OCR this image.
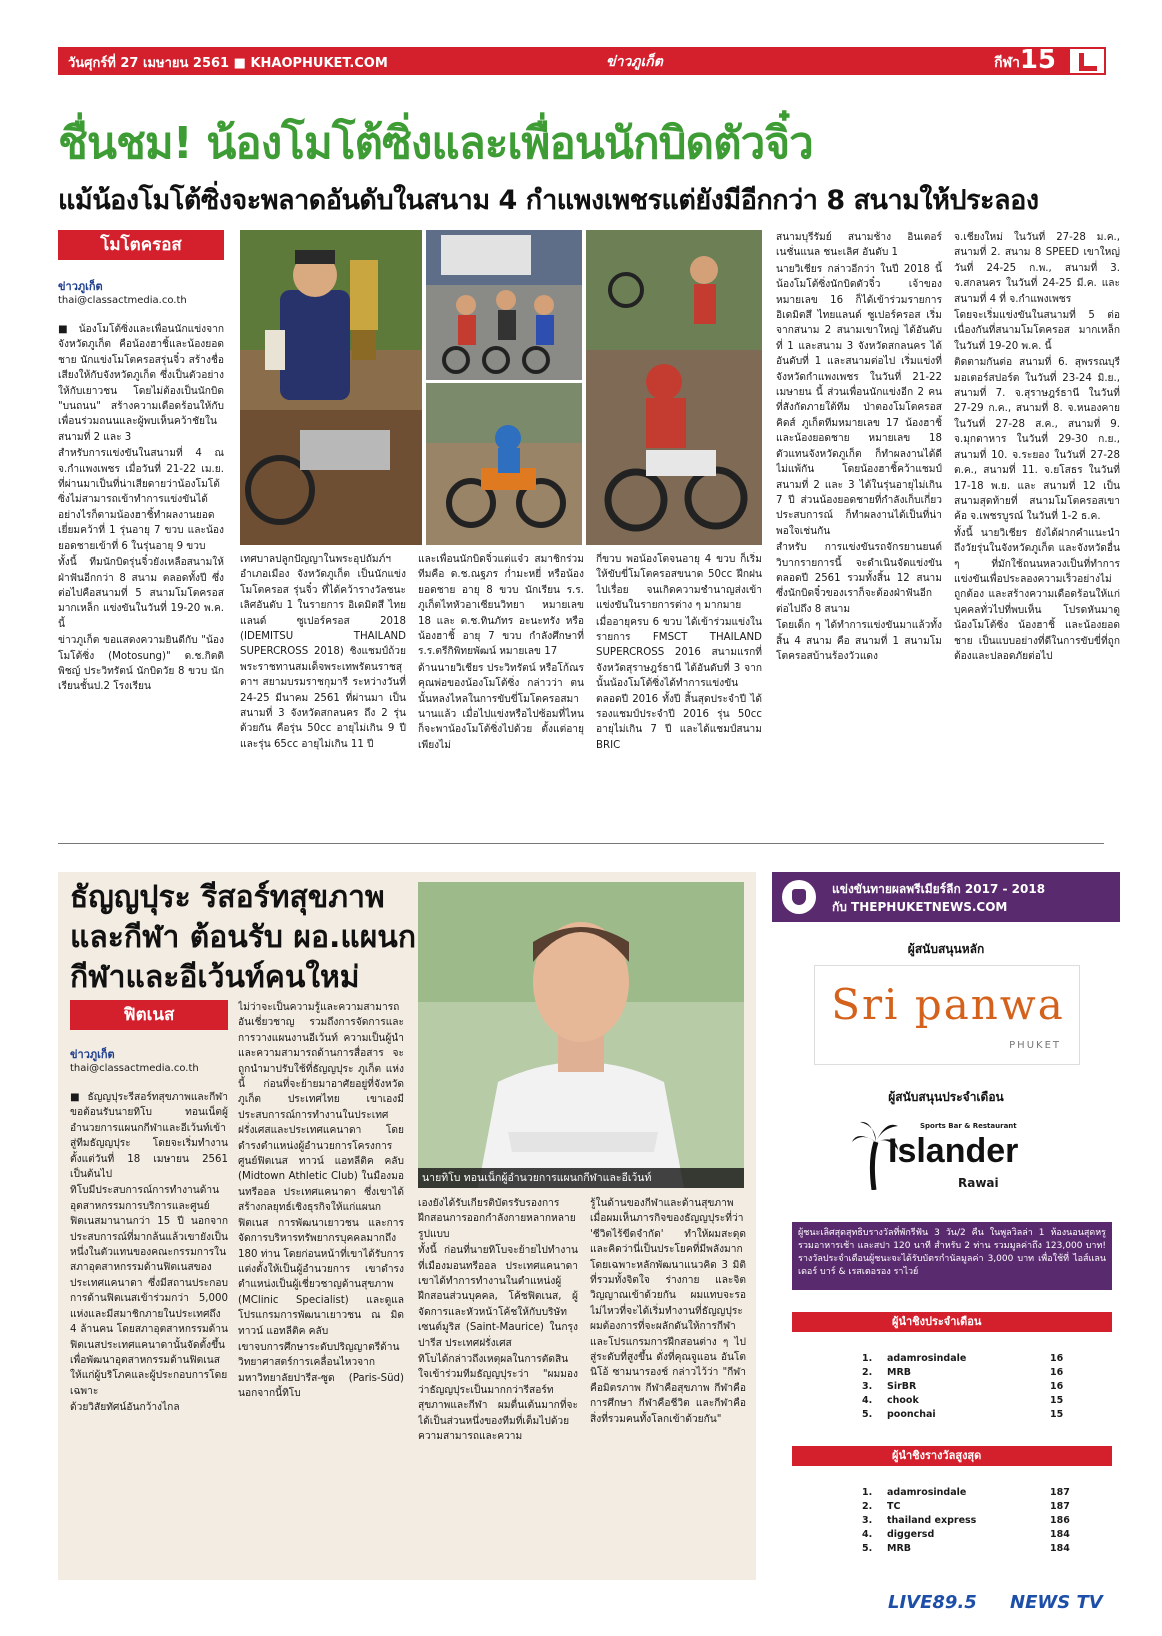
วันศุกร์ที่ 27 เมษายน 2561 ■ KHAOPHUKET.COM	ข่าวภูเก็ต	กีฬา 15
ชื่นชม! น้องโมโต้ซิ่งและเพื่อนนักบิดตัวจิ๋ว
แม้น้องโมโต้ซิ่งจะพลาดอันดับในสนาม 4 กำแพงเพชรแต่ยังมีอีกกว่า 8 สนามให้ประลอง
โมโตครอส
ข่าวภูเก็ต
thai@classactmedia.co.th

■ น้องโมโต้ซิ่งและเพื่อนนักแข่งจากจังหวัดภูเก็ต คือน้องฮาชิ้และน้องยอดชาย นักแข่งโมโตครอสรุ่นจิ๋ว สร้างชื่อเสียงให้กับจังหวัดภูเก็ต ซึ่งเป็นตัวอย่างให้กับเยาวชน โดยไม่ต้องเป็นนักบิด "บนถนน" สร้างความเดือดร้อนให้กับเพื่อนร่วมถนนและผู้พบเห็นคว้าชัยในสนามที่ 2 และ 3

สำหรับการแข่งขันในสนามที่ 4 ณ จ.กำแพงเพชร เมื่อวันที่ 21-22 เม.ย. ที่ผ่านมาเป็นที่น่าเสียดายว่าน้องโมโต้ซิ่งไม่สามารถเข้าทำการแข่งขันได้อย่างไรก็ตามน้องฮาชิ้ทำผลงานยอดเยี่ยมคว้าที่ 1 รุ่นอายุ 7 ขวบ และน้องยอดชายเข้าที่ 6 ในรุ่นอายุ 9 ขวบ

ทั้งนี้ ทีมนักบิดรุ่นจิ๋วยังเหลือสนามให้ฝ่าฟันอีกกว่า 8 สนาม ตลอดทั้งปี ซึ่งต่อไปคือสนามที่ 5 สนามโมโตครอส มากเหล็ก แข่งขันในวันที่ 19-20 พ.ค. นี้

ข่าวภูเก็ต ขอแสดงความยินดีกับ "น้องโมโต้ซิ่ง (Motosung)" ด.ช.กิตติพิชญ์ ประวิทรัตน์ นักบิดวัย 8 ขวบ นักเรียนชั้นป.2 โรงเรียน

เทศบาลปลูกปัญญาในพระอุปถัมภ์ฯ อำเภอเมือง จังหวัดภูเก็ต เป็นนักแข่งโมโตครอส รุ่นจิ๋ว ที่ได้คว้ารางวัลชนะเลิศอันดับ 1 ในรายการ อิเดมิตสึ ไทยแลนด์ ซูเปอร์ครอส 2018 (IDEMITSU THAILAND SUPERCROSS 2018) ชิงแชมป์ถ้วยพระราชทานสมเด็จพระเทพรัตนราชสุดาฯ สยามบรมราชกุมารี ระหว่างวันที่ 24-25 มีนาคม 2561 ที่ผ่านมา เป็นสนามที่ 3 จังหวัดสกลนคร ถึง 2 รุ่นด้วยกัน คือรุ่น 50cc อายุไม่เกิน 9 ปี และรุ่น 65cc อายุไม่เกิน 11 ปี

และเพื่อนนักบิดจิ๋วแต่แจ๋ว สมาชิกร่วมทีมคือ ด.ช.ณฐภร ก่ำมะหยี่ หรือน้องยอดชาย อายุ 8 ขวบ นักเรียน ร.ร. ภูเก็ตไทหัวอาเซียนวิทยา หมายเลข 18 และ ด.ช.ทินภัทร อะนะทรัง หรือน้องฮาชิ้ อายุ 7 ขวบ กำลังศึกษาที่ ร.ร.ตรีกิพิทยพัฒน์ หมายเลข 17

ด้านนายวิเชียร ประวิทรัตน์ หรือโก้ณร คุณพ่อของน้องโมโต้ซิ่ง กล่าวว่า ตนนั้นหลงไหลในการขับขี่โมโตครอสมานานแล้ว เมื่อไปแข่งหรือไปซ้อมที่ไหนก็จะพาน้องโมโต้ซิ่งไปด้วย ตั้งแต่อายุเพียงไม่

กี่ขวบ พอน้องโตจนอายุ 4 ขวบ ก็เริ่มให้ขับขี่โมโตครอสขนาด 50cc ฝึกฝนไปเรื่อย จนเกิดความชำนาญส่งเข้าแข่งขันในรายการต่าง ๆ มากมาย

เมื่ออายุครบ 6 ขวบ ได้เข้าร่วมแข่งในรายการ FMSCT THAILAND SUPERCROSS 2016 สนามแรกที่จังหวัดสุราษฎร์ธานี ได้อันดับที่ 3 จากนั้นน้องโมโต้ซิ่งได้ทำการแข่งขันตลอดปี 2016 ทั้งปี สิ้นสุดประจำปี ได้รองแชมป์ประจำปี 2016 รุ่น 50cc อายุไม่เกิน 7 ปี และได้แชมป์สนาม BRIC

สนามบุรีรัมย์ สนามช้าง อินเตอร์เนชั่นแนล ชนะเลิศ อันดับ 1

นายวิเชียร กล่าวอีกว่า ในปี 2018 นี้น้องโมโต้ซิ่งนักบิดตัวจิ๋ว เจ้าของหมายเลข 16 ก็ได้เข้าร่วมรายการ อิเดมิตสึ ไทยแลนด์ ซูเปอร์ครอส เริ่มจากสนาม 2 สนามเขาใหญ่ ได้อันดับที่ 1 และสนาม 3 จังหวัดสกลนคร ได้อันดับที่ 1 และสนามต่อไป เริ่มแข่งที่จังหวัดกำแพงเพชร ในวันที่ 21-22 เมษายน นี้ ส่วนเพื่อนนักแข่งอีก 2 คน ที่สังกัดภายใต้ทีม ป่าตองโมโตครอสคิดส์ ภูเก็ตทีมหมายเลข 17 น้องฮาชิ้ และน้องยอดชาย หมายเลข 18 ตัวแทนจังหวัดภูเก็ต ก็ทำผลงานได้ดีไม่แพ้กัน โดยน้องฮาชิ้คว้าแชมป์สนามที่ 2 และ 3 ได้ในรุ่นอายุไม่เกิน 7 ปี ส่วนน้องยอดชายที่กำลังเก็บเกี่ยวประสบการณ์ ก็ทำผลงานได้เป็นที่น่าพอใจเช่นกัน

สำหรับ การแข่งขันรถจักรยานยนต์วิบากรายการนี้ จะดำเนินจัดแข่งขันตลอดปี 2561 รวมทั้งสิ้น 12 สนาม ซึ่งนักบิดจิ๋วของเราก็จะต้องฝ่าฟันอีกต่อไปถึง 8 สนาม

โดยเด็ก ๆ ได้ทำการแข่งขันมาแล้วทั้งสิ้น 4 สนาม คือ สนามที่ 1 สนามโมโตครอสบ้านร้องวัวแดง

จ.เชียงใหม่ ในวันที่ 27-28 ม.ค., สนามที่ 2. สนาม 8 SPEED เขาใหญ่ วันที่ 24-25 ก.พ., สนามที่ 3. จ.สกลนคร ในวันที่ 24-25 มี.ค. และสนามที่ 4 ที่ จ.กำแพงเพชร

โดยจะเริ่มแข่งขันในสนามที่ 5 ต่อเนื่องกันที่สนามโมโตครอส มากเหล็ก ในวันที่ 19-20 พ.ค. นี้

ติดตามกันต่อ สนามที่ 6. สุพรรณบุรี มอเตอร์สปอร์ต ในวันที่ 23-24 มิ.ย., สนามที่ 7. จ.สุราษฎร์ธานี ในวันที่ 27-29 ก.ค., สนามที่ 8. จ.หนองคาย ในวันที่ 27-28 ส.ค., สนามที่ 9. จ.มุกดาหาร ในวันที่ 29-30 ก.ย., สนามที่ 10. จ.ระยอง ในวันที่ 27-28 ต.ค., สนามที่ 11. จ.ยโสธร ในวันที่ 17-18 พ.ย. และ สนามที่ 12 เป็นสนามสุดท้ายที่ สนามโมโตครอสเขาค้อ จ.เพชรบูรณ์ ในวันที่ 1-2 ธ.ค.

ทั้งนี้ นายวิเชียร ยังได้ฝากคำแนะนำถึงวัยรุ่นในจังหวัดภูเก็ต และจังหวัดอื่น ๆ ที่มักใช้ถนนหลวงเป็นที่ทำการแข่งขันเพื่อประลองความเร็วอย่างไม่ถูกต้อง และสร้างความเดือดร้อนให้แก่บุคคลทั่วไปที่พบเห็น โปรดหันมาดู น้องโมโต้ซิ่ง น้องฮาชิ้ และน้องยอดชาย เป็นแบบอย่างที่ดีในการขับขี่ที่ถูกต้องและปลอดภัยต่อไป

ธัญญปุระ รีสอร์ทสุขภาพ
และกีฬา ต้อนรับ ผอ.แผนก
กีฬาและอีเว้นท์คนใหม่
นายทิโบ ทอนเน็กผู้อำนวยการแผนกกีฬาและอีเว้นท์
ฟิตเนส
ข่าวภูเก็ต
thai@classactmedia.co.th

■ ธัญญปุระรีสอร์ทสุขภาพและกีฬาขอต้อนรับนายทิโบ ทอนเน็ตผู้อำนวยการแผนกกีฬาและอีเว้นท์เข้าสู่ทีมธัญญปุระ โดยจะเริ่มทำงานตั้งแต่วันที่ 18 เมษายน 2561 เป็นต้นไป

ทิโบมีประสบการณ์การทำงานด้านอุตสาหกรรมการบริการและศูนย์ฟิตเนสมานานกว่า 15 ปี นอกจากประสบการณ์ที่มากล้นแล้วเขายังเป็นหนึ่งในตัวแทนของคณะกรรมการในสภาอุตสาหกรรมด้านฟิตเนสของประเทศแคนาดา ซึ่งมีสถานประกอบการด้านฟิตเนสเข้าร่วมกว่า 5,000 แห่งและมีสมาชิกภายในประเทศถึง 4 ล้านคน โดยสภาอุตสาหกรรมด้านฟิตเนสประเทศแคนาดานั้นจัดตั้งขึ้นเพื่อพัฒนาอุตสาหกรรมด้านฟิตเนสให้แก่ผู้บริโภคและผู้ประกอบการโดยเฉพาะ

ด้วยวิสัยทัศน์อันกว้างไกล

ไม่ว่าจะเป็นความรู้และความสามารถอันเชี่ยวชาญ รวมถึงการจัดการและการวางแผนงานอีเว้นท์ ความเป็นผู้นำและความสามารถด้านการสื่อสาร จะถูกนำมาปรับใช้ที่ธัญญปุระ ภูเก็ต แห่งนี้ ก่อนที่จะย้ายมาอาศัยอยู่ที่จังหวัดภูเก็ต ประเทศไทย เขาเองมีประสบการณ์การทำงานในประเทศฝรั่งเศสและประเทศแคนาดา โดยดำรงตำแหน่งผู้อำนวยการโครงการศูนย์ฟิตเนส ทาวน์ แอทลีติค คลับ (Midtown Athletic Club) ในมืองมอนทรีออล ประเทศแคนาดา ซึ่งเขาได้สร้างกลยุทธ์เชิงธุรกิจให้แก่แผนกฟิตเนส การพัฒนาเยาวชน และการจัดการบริหารทรัพยากรบุคคลมากถึง 180 ท่าน โดยก่อนหน้าที่เขาได้รับการแต่งตั้งให้เป็นผู้อำนวยการ เขาดำรงตำแหน่งเป็นผู้เชี่ยวชาญด้านสุขภาพ (MClinic Specialist) และดูแลโปรแกรมการพัฒนาเยาวชน ณ มิดทาวน์ แอทลีติค คลับ

เขาจบการศึกษาระดับปริญญาตรีด้านวิทยาศาสตร์การเคลื่อนไหวจากมหาวิทยาลัยปารีส-ซูด (Paris-Süd) นอกจากนี้ทิโบ

เองยังได้รับเกียรติบัตรรับรองการฝึกสอนการออกกำลังกายหลากหลายรูปแบบ

ทั้งนี้ ก่อนที่นายทิโบจะย้ายไปทำงานที่เมืองมอนทรีออล ประเทศแคนาดา เขาได้ทำการทำงานในตำแหน่งผู้ฝึกสอนส่วนบุคคล, โค้ชฟิตเนส, ผู้จัดการและหัวหน้าโค้ชให้กับบริษัทเซนต์มูริส (Saint-Maurice) ในกรุงปารีส ประเทศฝรั่งเศส

ทิโบได้กล่าวถึงเหตุผลในการตัดสินใจเข้าร่วมทีมธัญญปุระว่า "ผมมองว่าธัญญปุระเป็นมากกว่ารีสอร์ทสุขภาพและกีฬา ผมตื่นเต้นมากที่จะได้เป็นส่วนหนึ่งของทีมที่เต็มไปด้วยความสามารถและความ

รู้ในด้านของกีฬาและด้านสุขภาพ เมื่อผมเห็นภารกิจของธัญญปุระที่ว่า 'ชีวิตไร้ขีดจำกัด' ทำให้ผมสะดุดและคิดว่านี่เป็นประโยคที่มีพลังมากโดยเฉพาะหลักพัฒนาแนวคิด 3 มิติที่รวมทั้งจิตใจ ร่างกาย และจิตวิญญาณเข้าด้วยกัน ผมแทบจะรอไม่ไหวที่จะได้เริ่มทำงานที่ธัญญปุระ ผมต้องการที่จะผลักดันให้การกีฬาและโปรแกรมการฝึกสอนต่าง ๆ ไปสู่ระดับที่สูงขึ้น ดั่งที่คุณจูแอน อันโตนิโอ้ ซามนารองช์ กล่าวไว้ว่า "กีฬาคือมิตรภาพ กีฬาคือสุขภาพ กีฬาคือการศึกษา กีฬาคือชีวิต และกีฬาคือสิ่งที่รวมคนทั้งโลกเข้าด้วยกัน"

แข่งขันทายผลพรีเมียร์ลีก 2017 - 2018
กับ THEPHUKETNEWS.COM
ผู้สนับสนุนหลัก
Sri panwa
PHUKET
ผู้สนับสนุนประจำเดือน
Sports Bar & Restaurant
Islander
Rawai
ผู้ชนะเลิศสุดสุทธิบรางวัลที่พักรีฟัน 3 วัน/2 คืน ในพูลวิลล่า 1 ห้องนอนสุดหรู รวมอาหารเช้า และสปา 120 นาที สำหรับ 2 ท่าน รวมมูลค่าถึง 123,000 บาท! รางวัลประจำเดือนผู้ชนะจะได้รับบัตรกำนัลมูลค่า 3,000 บาท เพื่อใช้ที่ ไอส์แลนเดอร์ บาร์ & เรสเตอรอง ราไวย์
ผู้นำชิงประจำเดือน
1. adamrosindale	16
2. MRB	16
3. SirBR	16
4. chook	15
5. poonchai	15
ผู้นำชิงรางวัลสูงสุด
1. adamrosindale	187
2. TC	187
3. thailand express	186
4. diggersd	184
5. MRB	184
LIVE89.5 NEWS TV
